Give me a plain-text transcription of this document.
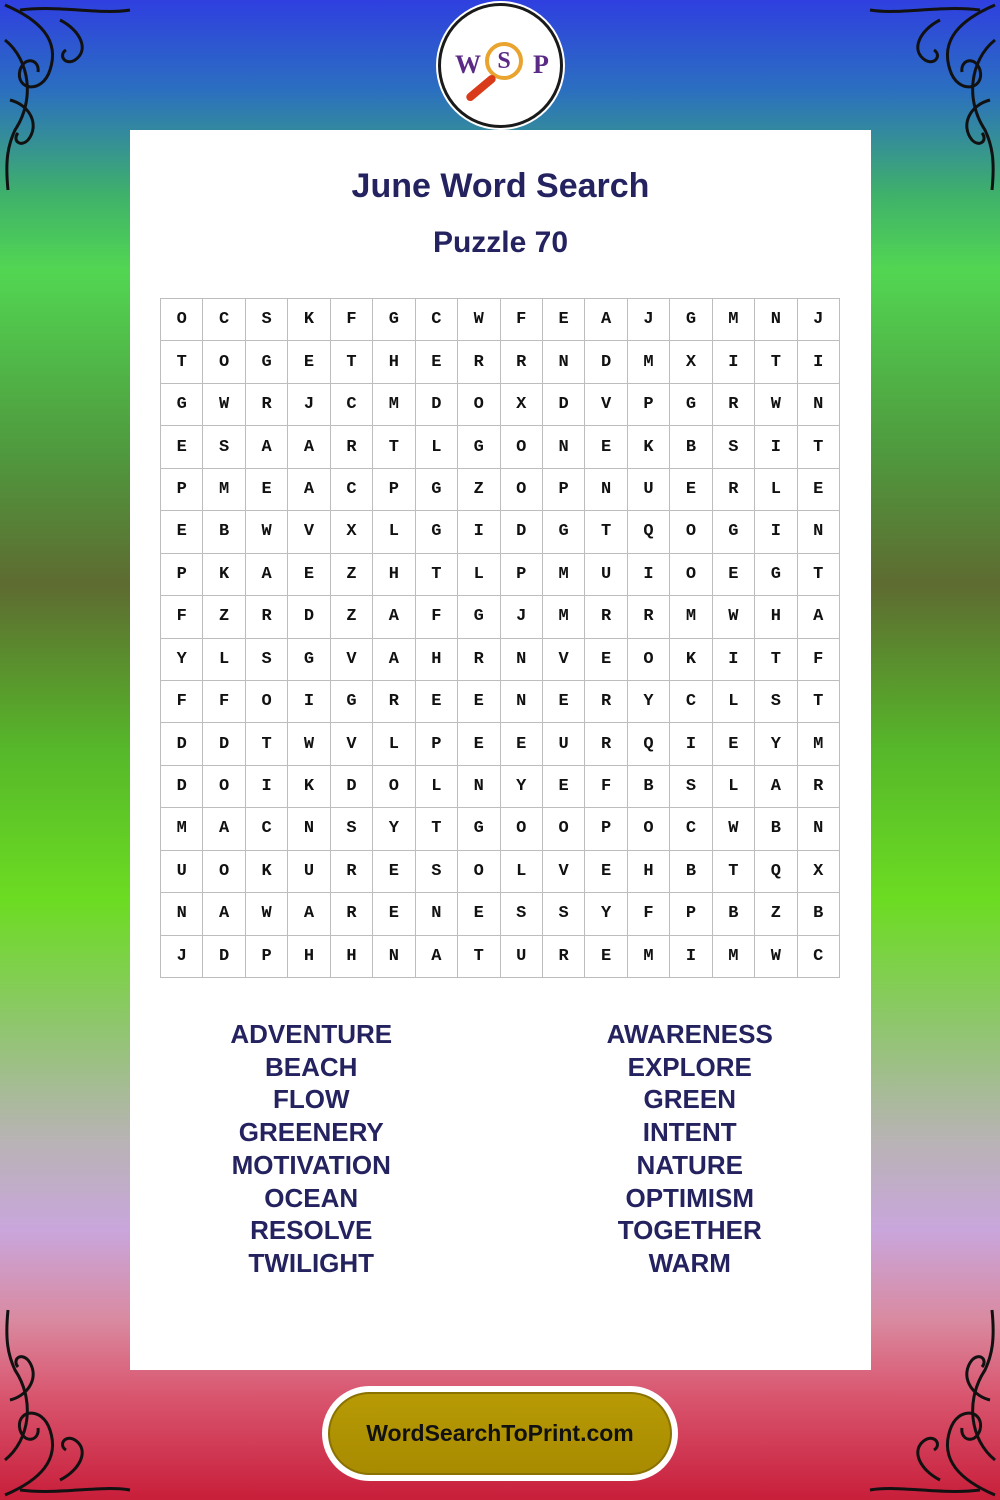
W S P
June Word Search
Puzzle 70
O	C	S	K	F	G	C	W	F	E	A	J	G	M	N	J
T	O	G	E	T	H	E	R	R	N	D	M	X	I	T	I
G	W	R	J	C	M	D	O	X	D	V	P	G	R	W	N
E	S	A	A	R	T	L	G	O	N	E	K	B	S	I	T
P	M	E	A	C	P	G	Z	O	P	N	U	E	R	L	E
E	B	W	V	X	L	G	I	D	G	T	Q	O	G	I	N
P	K	A	E	Z	H	T	L	P	M	U	I	O	E	G	T
F	Z	R	D	Z	A	F	G	J	M	R	R	M	W	H	A
Y	L	S	G	V	A	H	R	N	V	E	O	K	I	T	F
F	F	O	I	G	R	E	E	N	E	R	Y	C	L	S	T
D	D	T	W	V	L	P	E	E	U	R	Q	I	E	Y	M
D	O	I	K	D	O	L	N	Y	E	F	B	S	L	A	R
M	A	C	N	S	Y	T	G	O	O	P	O	C	W	B	N
U	O	K	U	R	E	S	O	L	V	E	H	B	T	Q	X
N	A	W	A	R	E	N	E	S	S	Y	F	P	B	Z	B
J	D	P	H	H	N	A	T	U	R	E	M	I	M	W	C
ADVENTURE
BEACH
FLOW
GREENERY
MOTIVATION
OCEAN
RESOLVE
TWILIGHT
AWARENESS
EXPLORE
GREEN
INTENT
NATURE
OPTIMISM
TOGETHER
WARM
WordSearchToPrint.com
